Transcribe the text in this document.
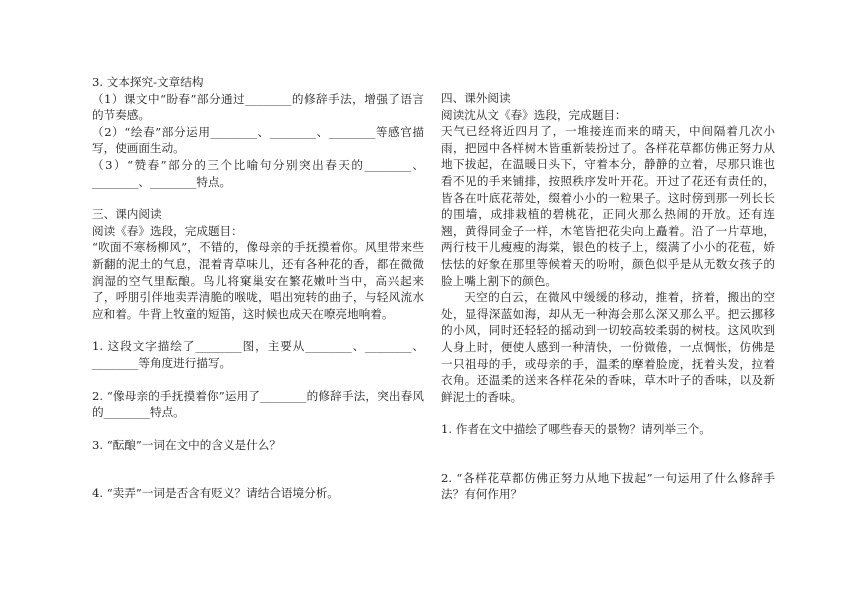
3. 文本探究-文章结构

（1）课文中“盼春”部分通过________的修辞手法，增强了语言的节奏感。

（2）“绘春”部分运用________、________、________等感官描写，使画面生动。

（3）“赞春”部分的三个比喻句分别突出春天的________、________、________特点。

三、课内阅读

阅读《春》选段，完成题目：

“吹面不寒杨柳风”，不错的，像母亲的手抚摸着你。风里带来些新翻的泥土的气息，混着青草味儿，还有各种花的香，都在微微润湿的空气里酝酿。鸟儿将窠巢安在繁花嫩叶当中，高兴起来了，呼朋引伴地卖弄清脆的喉咙，唱出宛转的曲子，与轻风流水应和着。牛背上牧童的短笛，这时候也成天在嘹亮地响着。

1. 这段文字描绘了________图，主要从________、________、________等角度进行描写。

2. “像母亲的手抚摸着你”运用了________的修辞手法，突出春风的________特点。

3. “酝酿”一词在文中的含义是什么？

4. “卖弄”一词是否含有贬义？请结合语境分析。

四、课外阅读

阅读沈从文《春》选段，完成题目：

天气已经将近四月了，一堆接连而来的晴天，中间隔着几次小雨，把园中各样树木皆重新装扮过了。各样花草都仿佛正努力从地下拔起，在温暖日头下，守着本分，静静的立着，尽那只谁也看不见的手来铺排，按照秩序发叶开花。开过了花还有责任的，皆各在叶底花蒂处，缀着小小的一粒果子。这时傍到那一列长长的围墙，成排栽植的碧桃花，正同火那么热闹的开放。还有连翘，黄得同金子一样，木笔皆把花尖向上矗着。沿了一片草地，两行枝干儿瘦瘦的海棠，银色的枝子上，缀满了小小的花苞，娇怯怯的好象在那里等候着天的吩咐，颜色似乎是从无数女孩子的脸上嘴上割下的颜色。

天空的白云，在微风中缓缓的移动，推着，挤着，搬出的空处，显得深蓝如海，却从无一种海会那么深又那么平。把云挪移的小风，同时还轻轻的摇动到一切较高较柔弱的树枝。这风吹到人身上时，便使人感到一种清快，一份微倦，一点惆怅，仿佛是一只祖母的手，或母亲的手，温柔的摩着脸庞，抚着头发，拉着衣角。还温柔的送来各样花朵的香味，草木叶子的香味，以及新鲜泥土的香味。

1. 作者在文中描绘了哪些春天的景物？请列举三个。

2. “各样花草都仿佛正努力从地下拔起”一句运用了什么修辞手法？有何作用？
